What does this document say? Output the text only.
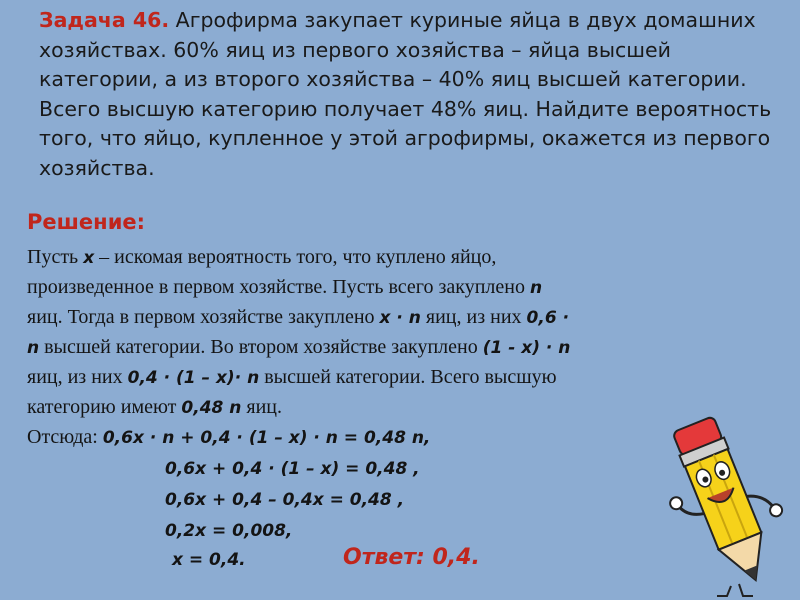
Задача 46. Агрофирма закупает куриные яйца в двух домашних хозяйствах. 60% яиц из первого хозяйства – яйца высшей категории, а из второго хозяйства – 40% яиц высшей категории. Всего высшую категорию получает 48% яиц. Найдите вероятность того, что яйцо, купленное у этой агрофирмы, окажется из первого хозяйства.
Решение:
Пусть x – искомая вероятность того, что куплено яйцо,
произведенное в первом хозяйстве. Пусть всего закуплено n
яиц. Тогда в первом хозяйстве закуплено x · n яиц, из них 0,6 ·
n высшей категории. Во втором хозяйстве закуплено (1 - x) · n
яиц, из них 0,4 · (1 – x)· n высшей категории. Всего высшую
категорию имеют 0,48 n яиц.
Отсюда: 0,6x · n + 0,4 · (1 – x) · n = 0,48 n,
0,6x + 0,4 · (1 – x) = 0,48 ,
0,6x + 0,4 – 0,4x = 0,48 ,
0,2x = 0,008,
x = 0,4.	Ответ: 0,4.
